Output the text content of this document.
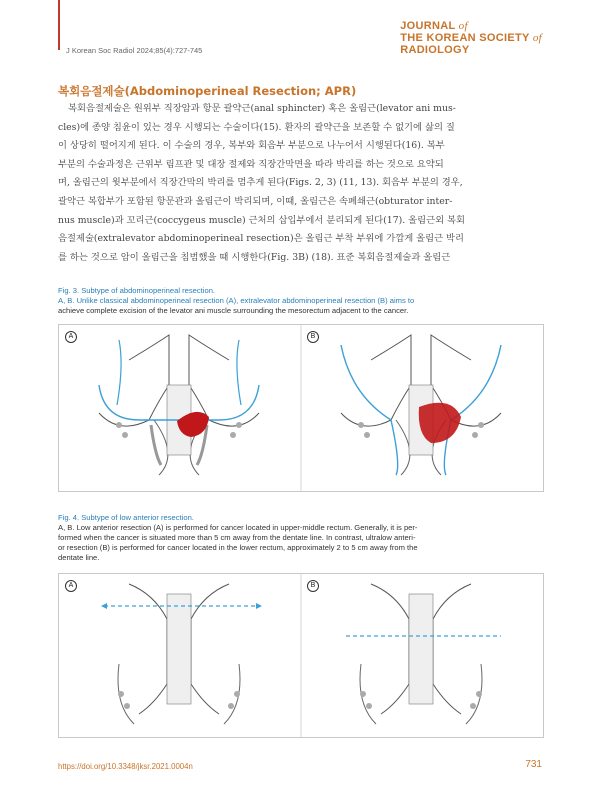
J Korean Soc Radiol 2024;85(4):727-745
JOURNAL of
THE KOREAN SOCIETY of
RADIOLOGY
복회음절제술(Abdominoperineal Resection; APR)
복회음절제술은 원위부 직장암과 항문 괄약근(anal sphincter) 혹은 올림근(levator ani mus-
cles)에 종양 침윤이 있는 경우 시행되는 수술이다(15). 환자의 괄약근을 보존할 수 없기에 삶의 질
이 상당히 떨어지게 된다. 이 수술의 경우, 복부와 회음부 부분으로 나누어서 시행된다(16). 복부
부분의 수술과정은 근위부 림프관 및 대장 절제와 직장간막면을 따라 박리를 하는 것으로 요약되
며, 올림근의 윗부분에서 직장간막의 박리를 멈추게 된다(Figs. 2, 3) (11, 13). 회음부 부분의 경우,
괄약근 복합부가 포함된 항문관과 올림근이 박리되며, 이때, 올림근은 속폐쇄근(obturator inter-
nus muscle)과 꼬리근(coccygeus muscle) 근처의 삽입부에서 분리되게 된다(17). 올림근외 복회
음절제술(extralevator abdominoperineal resection)은 올림근 부착 부위에 가깝게 올림근 박리
를 하는 것으로 암이 올림근을 침범했을 때 시행한다(Fig. 3B) (18). 표준 복회음절제술과 올림근
Fig. 3. Subtype of abdominoperineal resection.
A, B. Unlike classical abdominoperineal resection (A), extralevator abdominoperineal resection (B) aims to
achieve complete excision of the levator ani muscle surrounding the mesorectum adjacent to the cancer.
A	B
Fig. 4. Subtype of low anterior resection.
A, B. Low anterior resection (A) is performed for cancer located in upper-middle rectum. Generally, it is per-
formed when the cancer is situated more than 5 cm away from the dentate line. In contrast, ultralow anteri-
or resection (B) is performed for cancer located in the lower rectum, approximately 2 to 5 cm away from the
dentate line.
A	B
https://doi.org/10.3348/jksr.2021.0004n	731
